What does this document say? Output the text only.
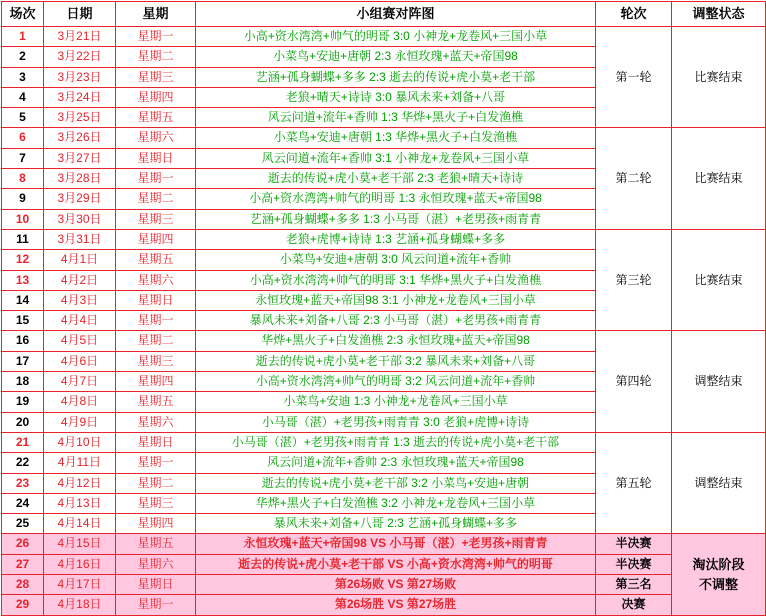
场次	日期	星期	小组赛对阵图	轮次	调整状态
1	3月21日	星期一	小高+资水湾湾+帅气的明哥 3:0 小神龙+龙卷风+三国小草	第一轮	比赛结束
2	3月22日	星期二	小菜鸟+安迪+唐朝 2:3 永恒玫瑰+蓝天+帝国98		
3	3月23日	星期三	艺涵+孤身蝴蝶+多多 2:3 逝去的传说+虎小莫+老干部		
4	3月24日	星期四	老狼+晴天+诗诗 3:0 暴风未来+刘备+八哥		
5	3月25日	星期五	风云问道+流年+香帅 1:3 华烨+黑火子+白发渔樵		
6	3月26日	星期六	小菜鸟+安迪+唐朝 1:3 华烨+黑火子+白发渔樵	第二轮	比赛结束
7	3月27日	星期日	风云问道+流年+香帅 3:1 小神龙+龙卷风+三国小草		
8	3月28日	星期一	逝去的传说+虎小莫+老干部 2:3 老狼+晴天+诗诗		
9	3月29日	星期二	小高+资水湾湾+帅气的明哥 1:3 永恒玫瑰+蓝天+帝国98		
10	3月30日	星期三	艺涵+孤身蝴蝶+多多 1:3 小马哥（湛）+老男孩+雨青青		
11	3月31日	星期四	老狼+虎博+诗诗 1:3 艺涵+孤身蝴蝶+多多	第三轮	比赛结束
12	4月1日	星期五	小菜鸟+安迪+唐朝 3:0 风云问道+流年+香帅		
13	4月2日	星期六	小高+资水湾湾+帅气的明哥 3:1 华烨+黑火子+白发渔樵		
14	4月3日	星期日	永恒玫瑰+蓝天+帝国98 3:1 小神龙+龙卷风+三国小草		
15	4月4日	星期一	暴风未来+刘备+八哥 2:3 小马哥（湛）+老男孩+雨青青		
16	4月5日	星期二	华烨+黑火子+白发渔樵 2:3 永恒玫瑰+蓝天+帝国98	第四轮	调整结束
17	4月6日	星期三	逝去的传说+虎小莫+老干部 3:2 暴风未来+刘备+八哥		
18	4月7日	星期四	小高+资水湾湾+帅气的明哥 3:2 风云问道+流年+香帅		
19	4月8日	星期五	小菜鸟+安迪 1:3 小神龙+龙卷风+三国小草		
20	4月9日	星期六	小马哥（湛）+老男孩+雨青青 3:0 老狼+虎博+诗诗		
21	4月10日	星期日	小马哥（湛）+老男孩+雨青青 1:3 逝去的传说+虎小莫+老干部	第五轮	调整结束
22	4月11日	星期一	风云问道+流年+香帅 2:3 永恒玫瑰+蓝天+帝国98		
23	4月12日	星期二	逝去的传说+虎小莫+老干部 3:2 小菜鸟+安迪+唐朝		
24	4月13日	星期三	华烨+黑火子+白发渔樵 3:2 小神龙+龙卷风+三国小草		
25	4月14日	星期四	暴风未来+刘备+八哥 2:3 艺涵+孤身蝴蝶+多多		
26	4月15日	星期五	永恒玫瑰+蓝天+帝国98 VS 小马哥（湛）+老男孩+雨青青	半决赛	淘汰阶段
不调整
27	4月16日	星期六	逝去的传说+虎小莫+老干部 VS 小高+资水湾湾+帅气的明哥	半决赛	
28	4月17日	星期日	第26场败 VS 第27场败	第三名	
29	4月18日	星期一	第26场胜 VS 第27场胜	决赛	
